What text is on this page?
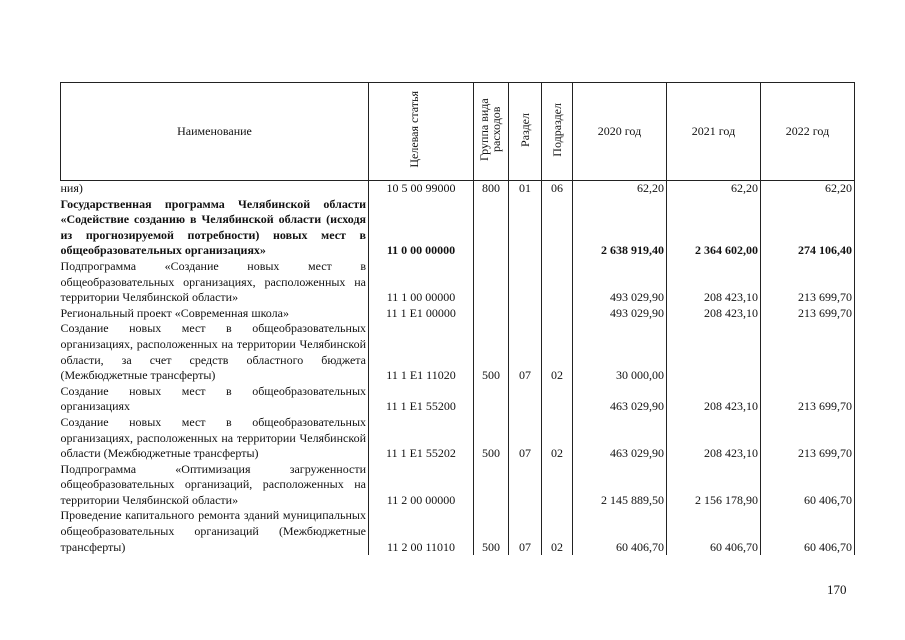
Наименование	Целевая статья	Группа вида расходов	Раздел	Подраздел	2020 год	2021 год	2022 год
ния)	10 5 00 99000	800	01	06	62,20	62,20	62,20
Государственная программа Челябинской области «Содействие созданию в Челябинской области (исходя из прогнозируемой потребности) новых мест в общеобразовательных организациях»	11 0 00 00000				2 638 919,40	2 364 602,00	274 106,40
Подпрограмма «Создание новых мест в общеобразовательных организациях, расположенных на территории Челябинской области»	11 1 00 00000				493 029,90	208 423,10	213 699,70
Региональный проект «Современная школа»	11 1 E1 00000				493 029,90	208 423,10	213 699,70
Создание новых мест в общеобразовательных организациях, расположенных на территории Челябинской области, за счет средств областного бюджета (Межбюджетные трансферты)	11 1 E1 11020	500	07	02	30 000,00		
Создание новых мест в общеобразовательных организациях	11 1 E1 55200				463 029,90	208 423,10	213 699,70
Создание новых мест в общеобразовательных организациях, расположенных на территории Челябинской области (Межбюджетные трансферты)	11 1 E1 55202	500	07	02	463 029,90	208 423,10	213 699,70
Подпрограмма «Оптимизация загруженности общеобразовательных организаций, расположенных на территории Челябинской области»	11 2 00 00000				2 145 889,50	2 156 178,90	60 406,70
Проведение капитального ремонта зданий муниципальных общеобразовательных организаций (Межбюджетные трансферты)	11 2 00 11010	500	07	02	60 406,70	60 406,70	60 406,70
170
